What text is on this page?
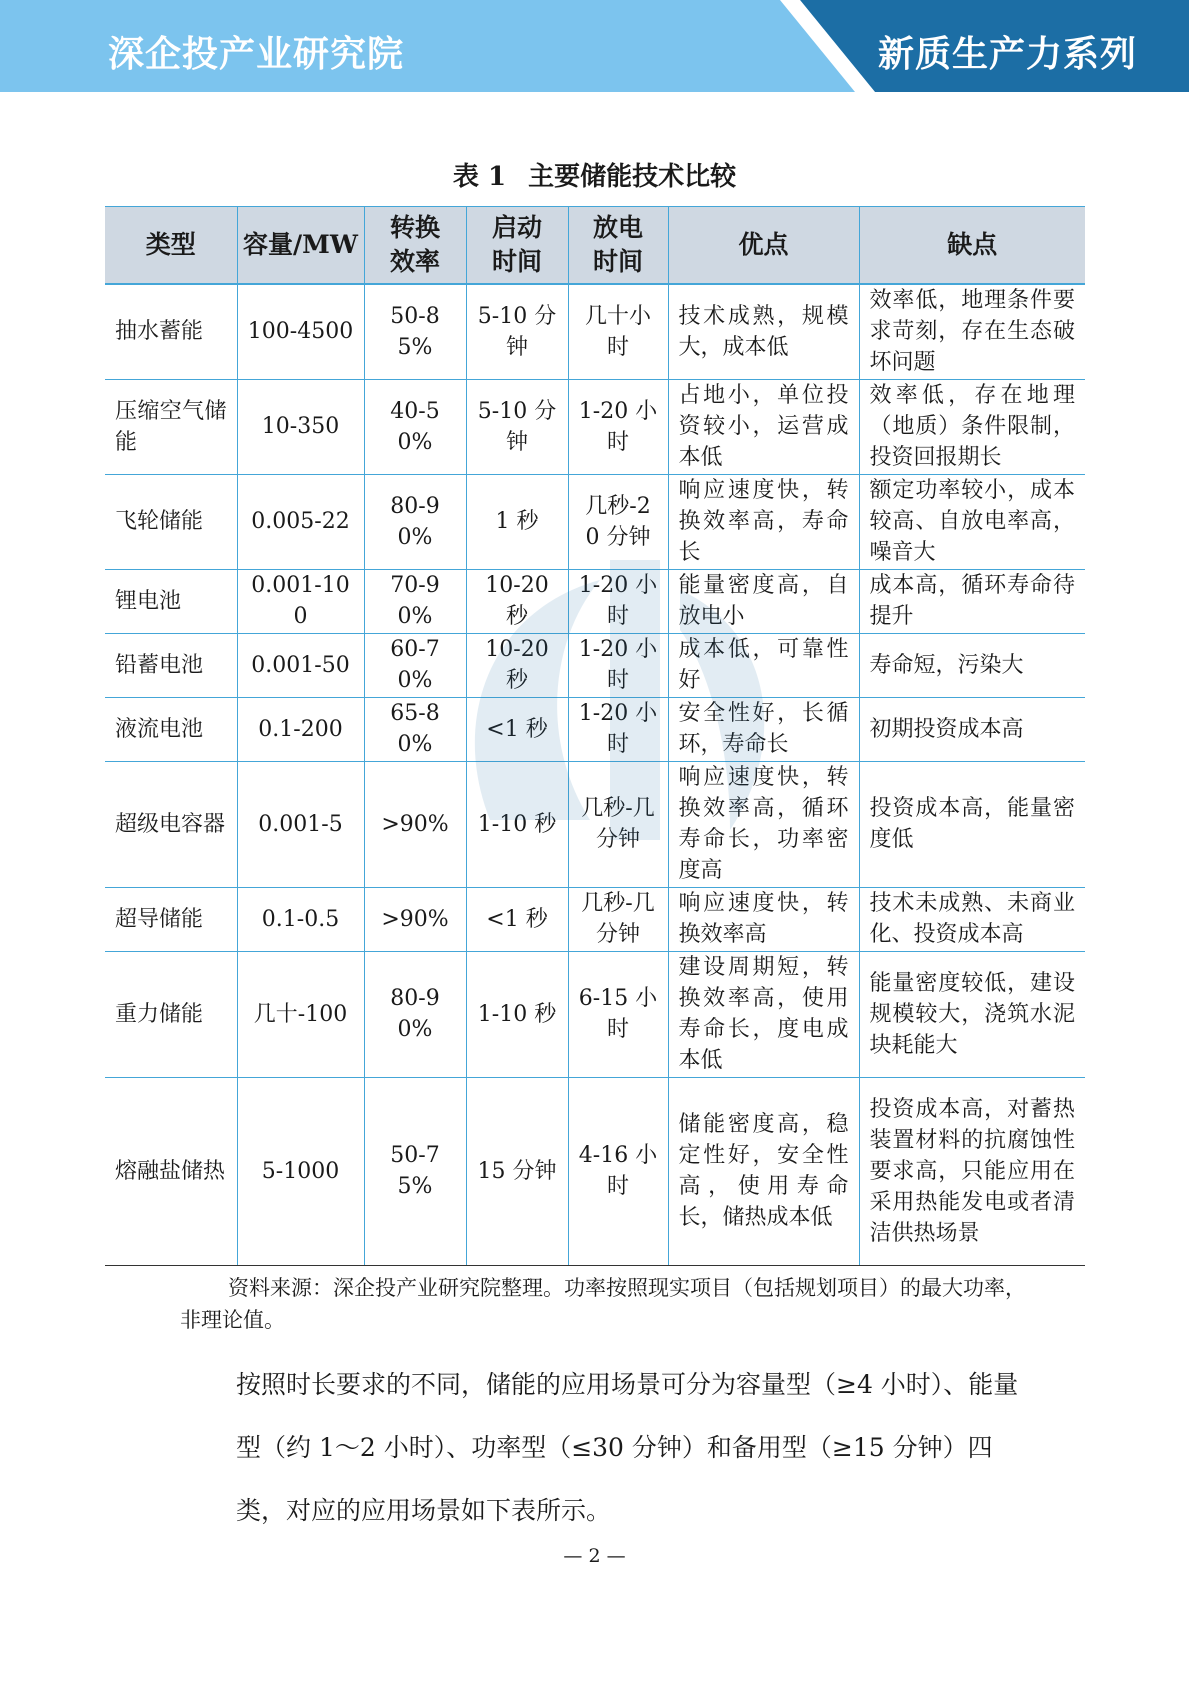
深企投产业研究院	新质生产力系列
表 1 主要储能技术比较
类型	容量/MW	转换效率	启动时间	放电时间	优点	缺点
抽水蓄能	100-4500	50-85%	5-10 分钟	几十小时	技术成熟，规模大，成本低	效率低，地理条件要求苛刻，存在生态破坏问题
压缩空气储能	10-350	40-50%	5-10 分钟	1-20 小时	占地小，单位投资较小，运营成本低	效率低，存在地理（地质）条件限制，投资回报期长
飞轮储能	0.005-22	80-90%	1 秒	几秒-20 分钟	响应速度快，转换效率高，寿命长	额定功率较小，成本较高、自放电率高，噪音大
锂电池	0.001-100	70-90%	10-20 秒	1-20 小时	能量密度高，自放电小	成本高，循环寿命待提升
铅蓄电池	0.001-50	60-70%	10-20 秒	1-20 小时	成本低，可靠性好	寿命短，污染大
液流电池	0.1-200	65-80%	<1 秒	1-20 小时	安全性好，长循环，寿命长	初期投资成本高
超级电容器	0.001-5	>90%	1-10 秒	几秒-几分钟	响应速度快，转换效率高，循环寿命长，功率密度高	投资成本高，能量密度低
超导储能	0.1-0.5	>90%	<1 秒	几秒-几分钟	响应速度快，转换效率高	技术未成熟、未商业化、投资成本高
重力储能	几十-100	80-90%	1-10 秒	6-15 小时	建设周期短，转换效率高，使用寿命长，度电成本低	能量密度较低，建设规模较大，浇筑水泥块耗能大
熔融盐储热	5-1000	50-75%	15 分钟	4-16 小时	储能密度高，稳定性好，安全性高，使用寿命长，储热成本低	投资成本高，对蓄热装置材料的抗腐蚀性要求高，只能应用在采用热能发电或者清洁供热场景
资料来源：深企投产业研究院整理。功率按照现实项目（包括规划项目）的最大功率，非理论值。
按照时长要求的不同，储能的应用场景可分为容量型（≥4 小时）、能量型（约 1～2 小时）、功率型（≤30 分钟）和备用型（≥15 分钟）四类，对应的应用场景如下表所示。
— 2 —
